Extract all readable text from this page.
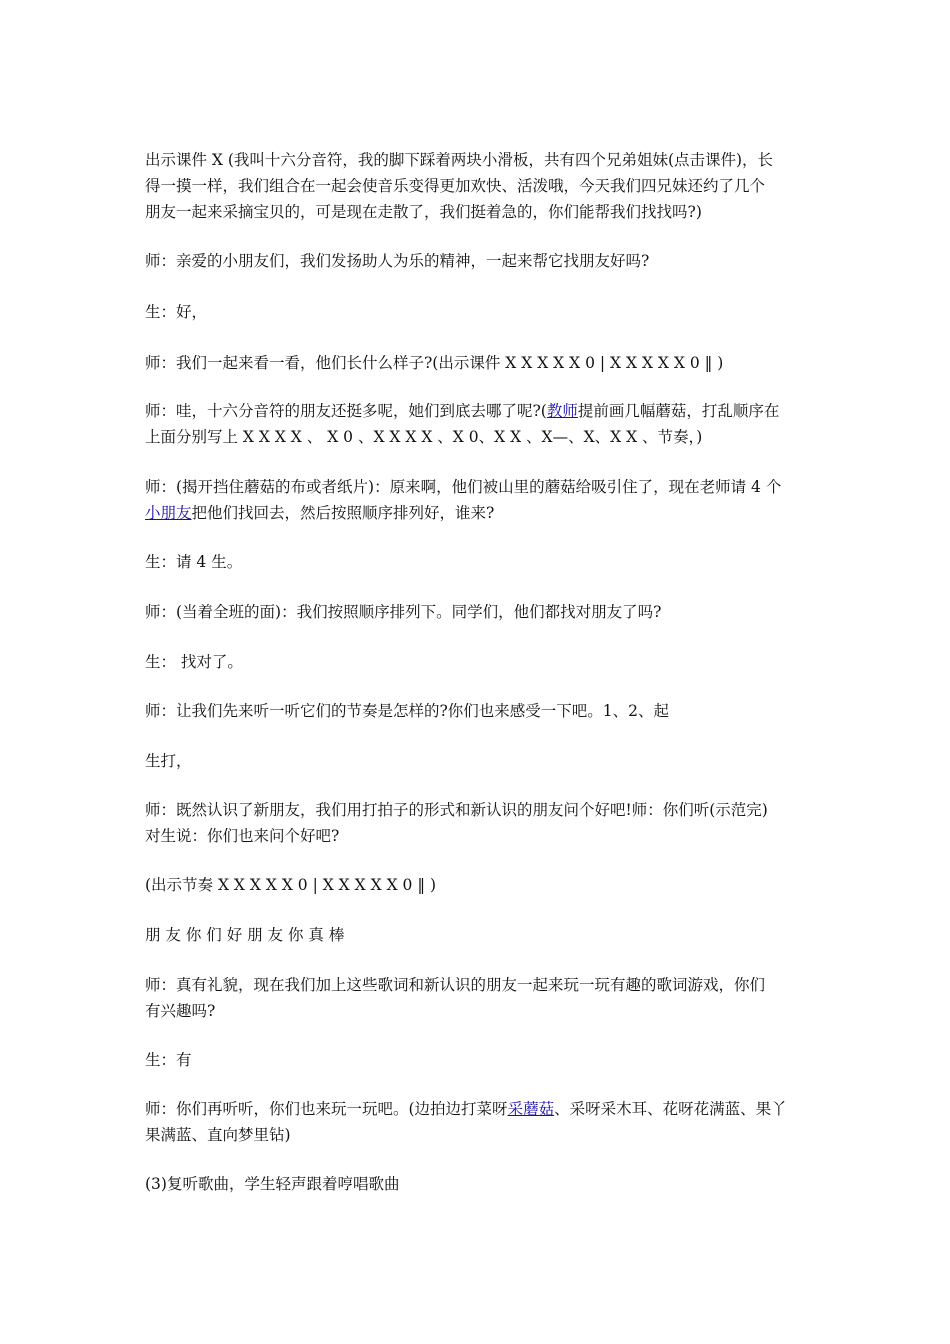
出示课件 X (我叫十六分音符，我的脚下踩着两块小滑板，共有四个兄弟姐妹(点击课件)，长
得一摸一样，我们组合在一起会使音乐变得更加欢快、活泼哦，今天我们四兄妹还约了几个
朋友一起来采摘宝贝的，可是现在走散了，我们挺着急的，你们能帮我们找找吗?)

师：亲爱的小朋友们，我们发扬助人为乐的精神，一起来帮它找朋友好吗?

生：好，

师：我们一起来看一看，他们长什么样子?(出示课件 X X X X X 0 | X X X X X 0 ‖ )

师：哇，十六分音符的朋友还挺多呢，她们到底去哪了呢?(教师提前画几幅蘑菇，打乱顺序在
上面分别写上 X X X X 、 X 0 、X X X X 、X 0、X X 、X—、X、X X 、节奏，)

师：(揭开挡住蘑菇的布或者纸片)：原来啊，他们被山里的蘑菇给吸引住了，现在老师请 4 个
小朋友把他们找回去，然后按照顺序排列好，谁来?

生：请 4 生。

师：(当着全班的面)：我们按照顺序排列下。同学们，他们都找对朋友了吗?

生： 找对了。

师：让我们先来听一听它们的节奏是怎样的?你们也来感受一下吧。1、2、起

生打，

师：既然认识了新朋友，我们用打拍子的形式和新认识的朋友问个好吧!师：你们听(示范完)
对生说：你们也来问个好吧?

(出示节奏 X X X X X 0 | X X X X X 0 ‖ )

朋 友 你 们 好 朋 友 你 真 棒

师：真有礼貌，现在我们加上这些歌词和新认识的朋友一起来玩一玩有趣的歌词游戏，你们
有兴趣吗?

生：有

师：你们再听听，你们也来玩一玩吧。(边拍边打菜呀采蘑菇、采呀采木耳、花呀花满蓝、果丫
果满蓝、直向梦里钻)

(3)复听歌曲，学生轻声跟着哼唱歌曲
